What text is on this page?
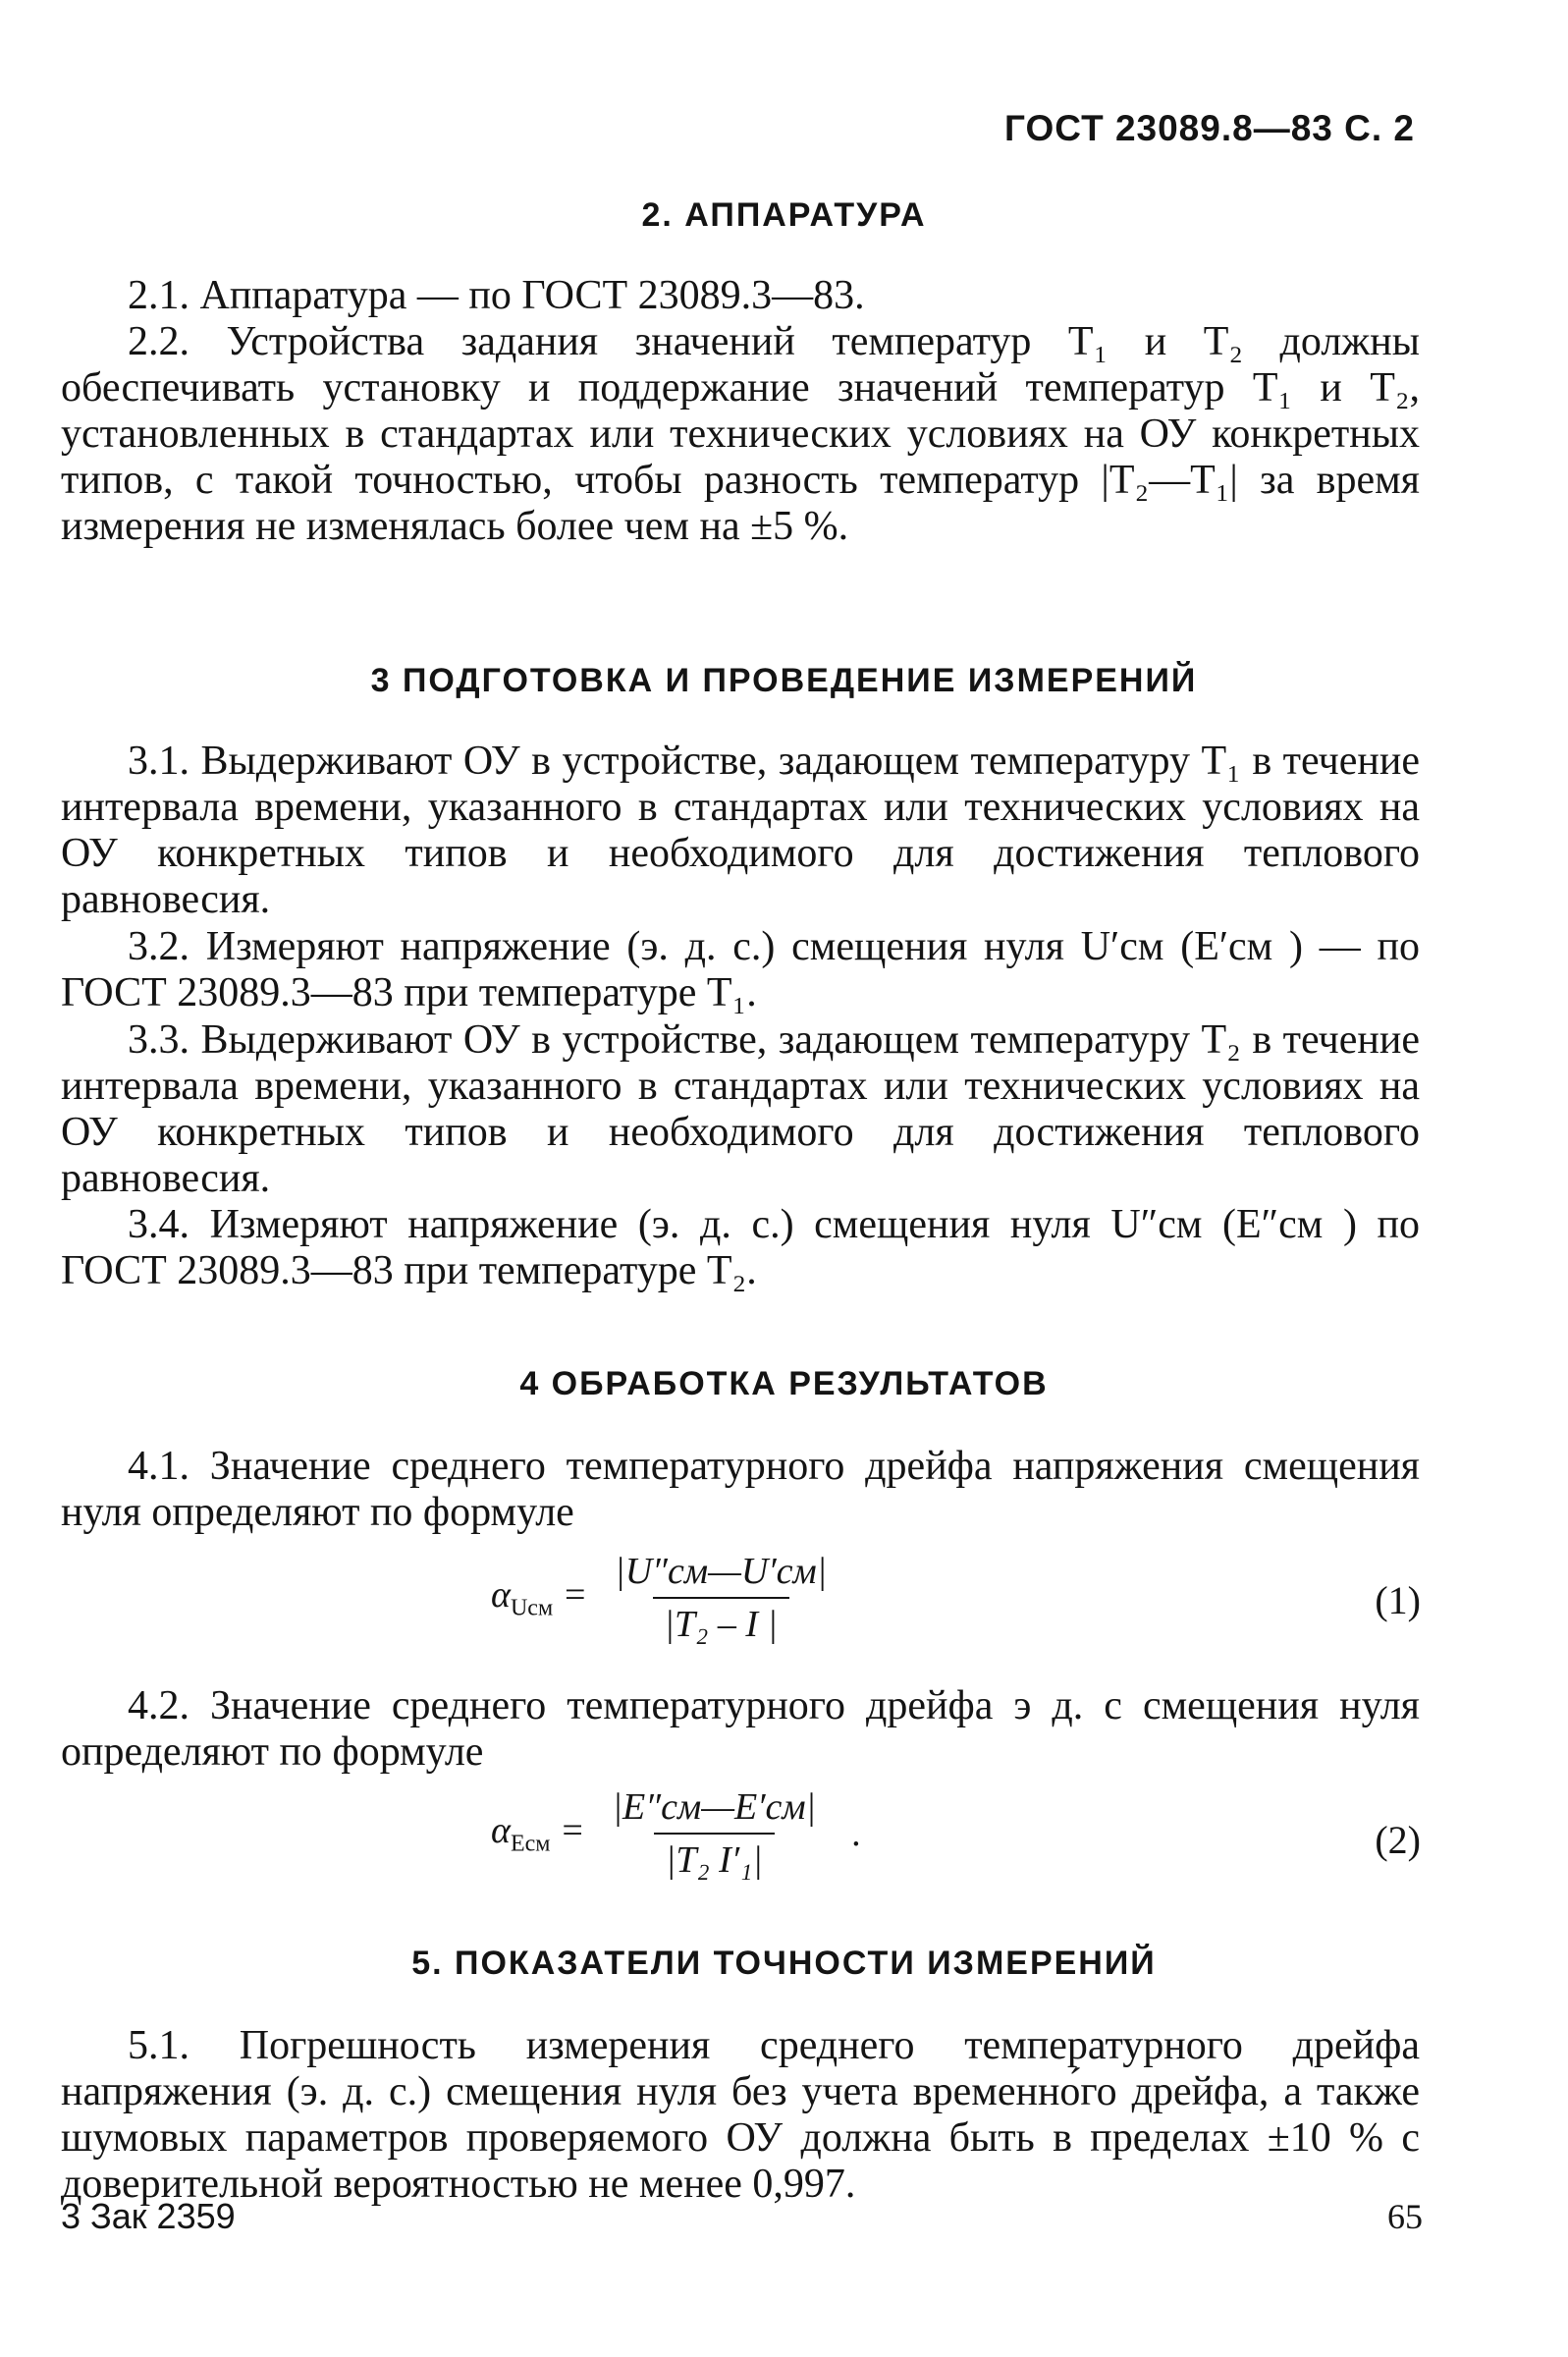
ГОСТ 23089.8—83 С. 2
2. АППАРАТУРА

2.1. Аппаратура — по ГОСТ 23089.3—83.

2.2. Устройства задания значений температур T₁ и T₂ должны обеспечивать установку и поддержание значений температур T₁ и T₂, установленных в стандартах или технических условиях на ОУ конкретных типов, с такой точностью, чтобы разность температур |T₂—T₁| за время измерения не изменялась более чем на ±5 %.

3 ПОДГОТОВКА И ПРОВЕДЕНИЕ ИЗМЕРЕНИЙ

3.1. Выдерживают ОУ в устройстве, задающем температуру T₁ в течение интервала времени, указанного в стандартах или технических условиях на ОУ конкретных типов и необходимого для достижения теплового равновесия.

3.2. Измеряют напряжение (э. д. с.) смещения нуля U′см (E′см ) — по ГОСТ 23089.3—83 при температуре T₁.

3.3. Выдерживают ОУ в устройстве, задающем температуру T₂ в течение интервала времени, указанного в стандартах или технических условиях на ОУ конкретных типов и необходимого для достижения теплового равновесия.

3.4. Измеряют напряжение (э. д. с.) смещения нуля U″см (E″см ) по ГОСТ 23089.3—83 при температуре T₂.

4 ОБРАБОТКА РЕЗУЛЬТАТОВ

4.1. Значение среднего температурного дрейфа напряжения смещения нуля определяют по формуле

$\alpha_{Uсм} = \frac{|U''см—U'см|}{\text{|T₂ – I |}}$	(1)

4.2. Значение среднего температурного дрейфа э д. с смещения нуля определяют по формуле

$\alpha_{Eсм} = \frac{|E''см—E'см|}{\text{|T₂ I′₁|}}$ .	(2)
5. ПОКАЗАТЕЛИ ТОЧНОСТИ ИЗМЕРЕНИЙ

5.1. Погрешность измерения среднего температурного дрейфа напряжения (э. д. с.) смещения нуля без учета временно́го дрейфа, а также шумовых параметров проверяемого ОУ должна быть в пределах ±10 % с доверительной вероятностью не менее 0,997.

3 Зак 2359	65
